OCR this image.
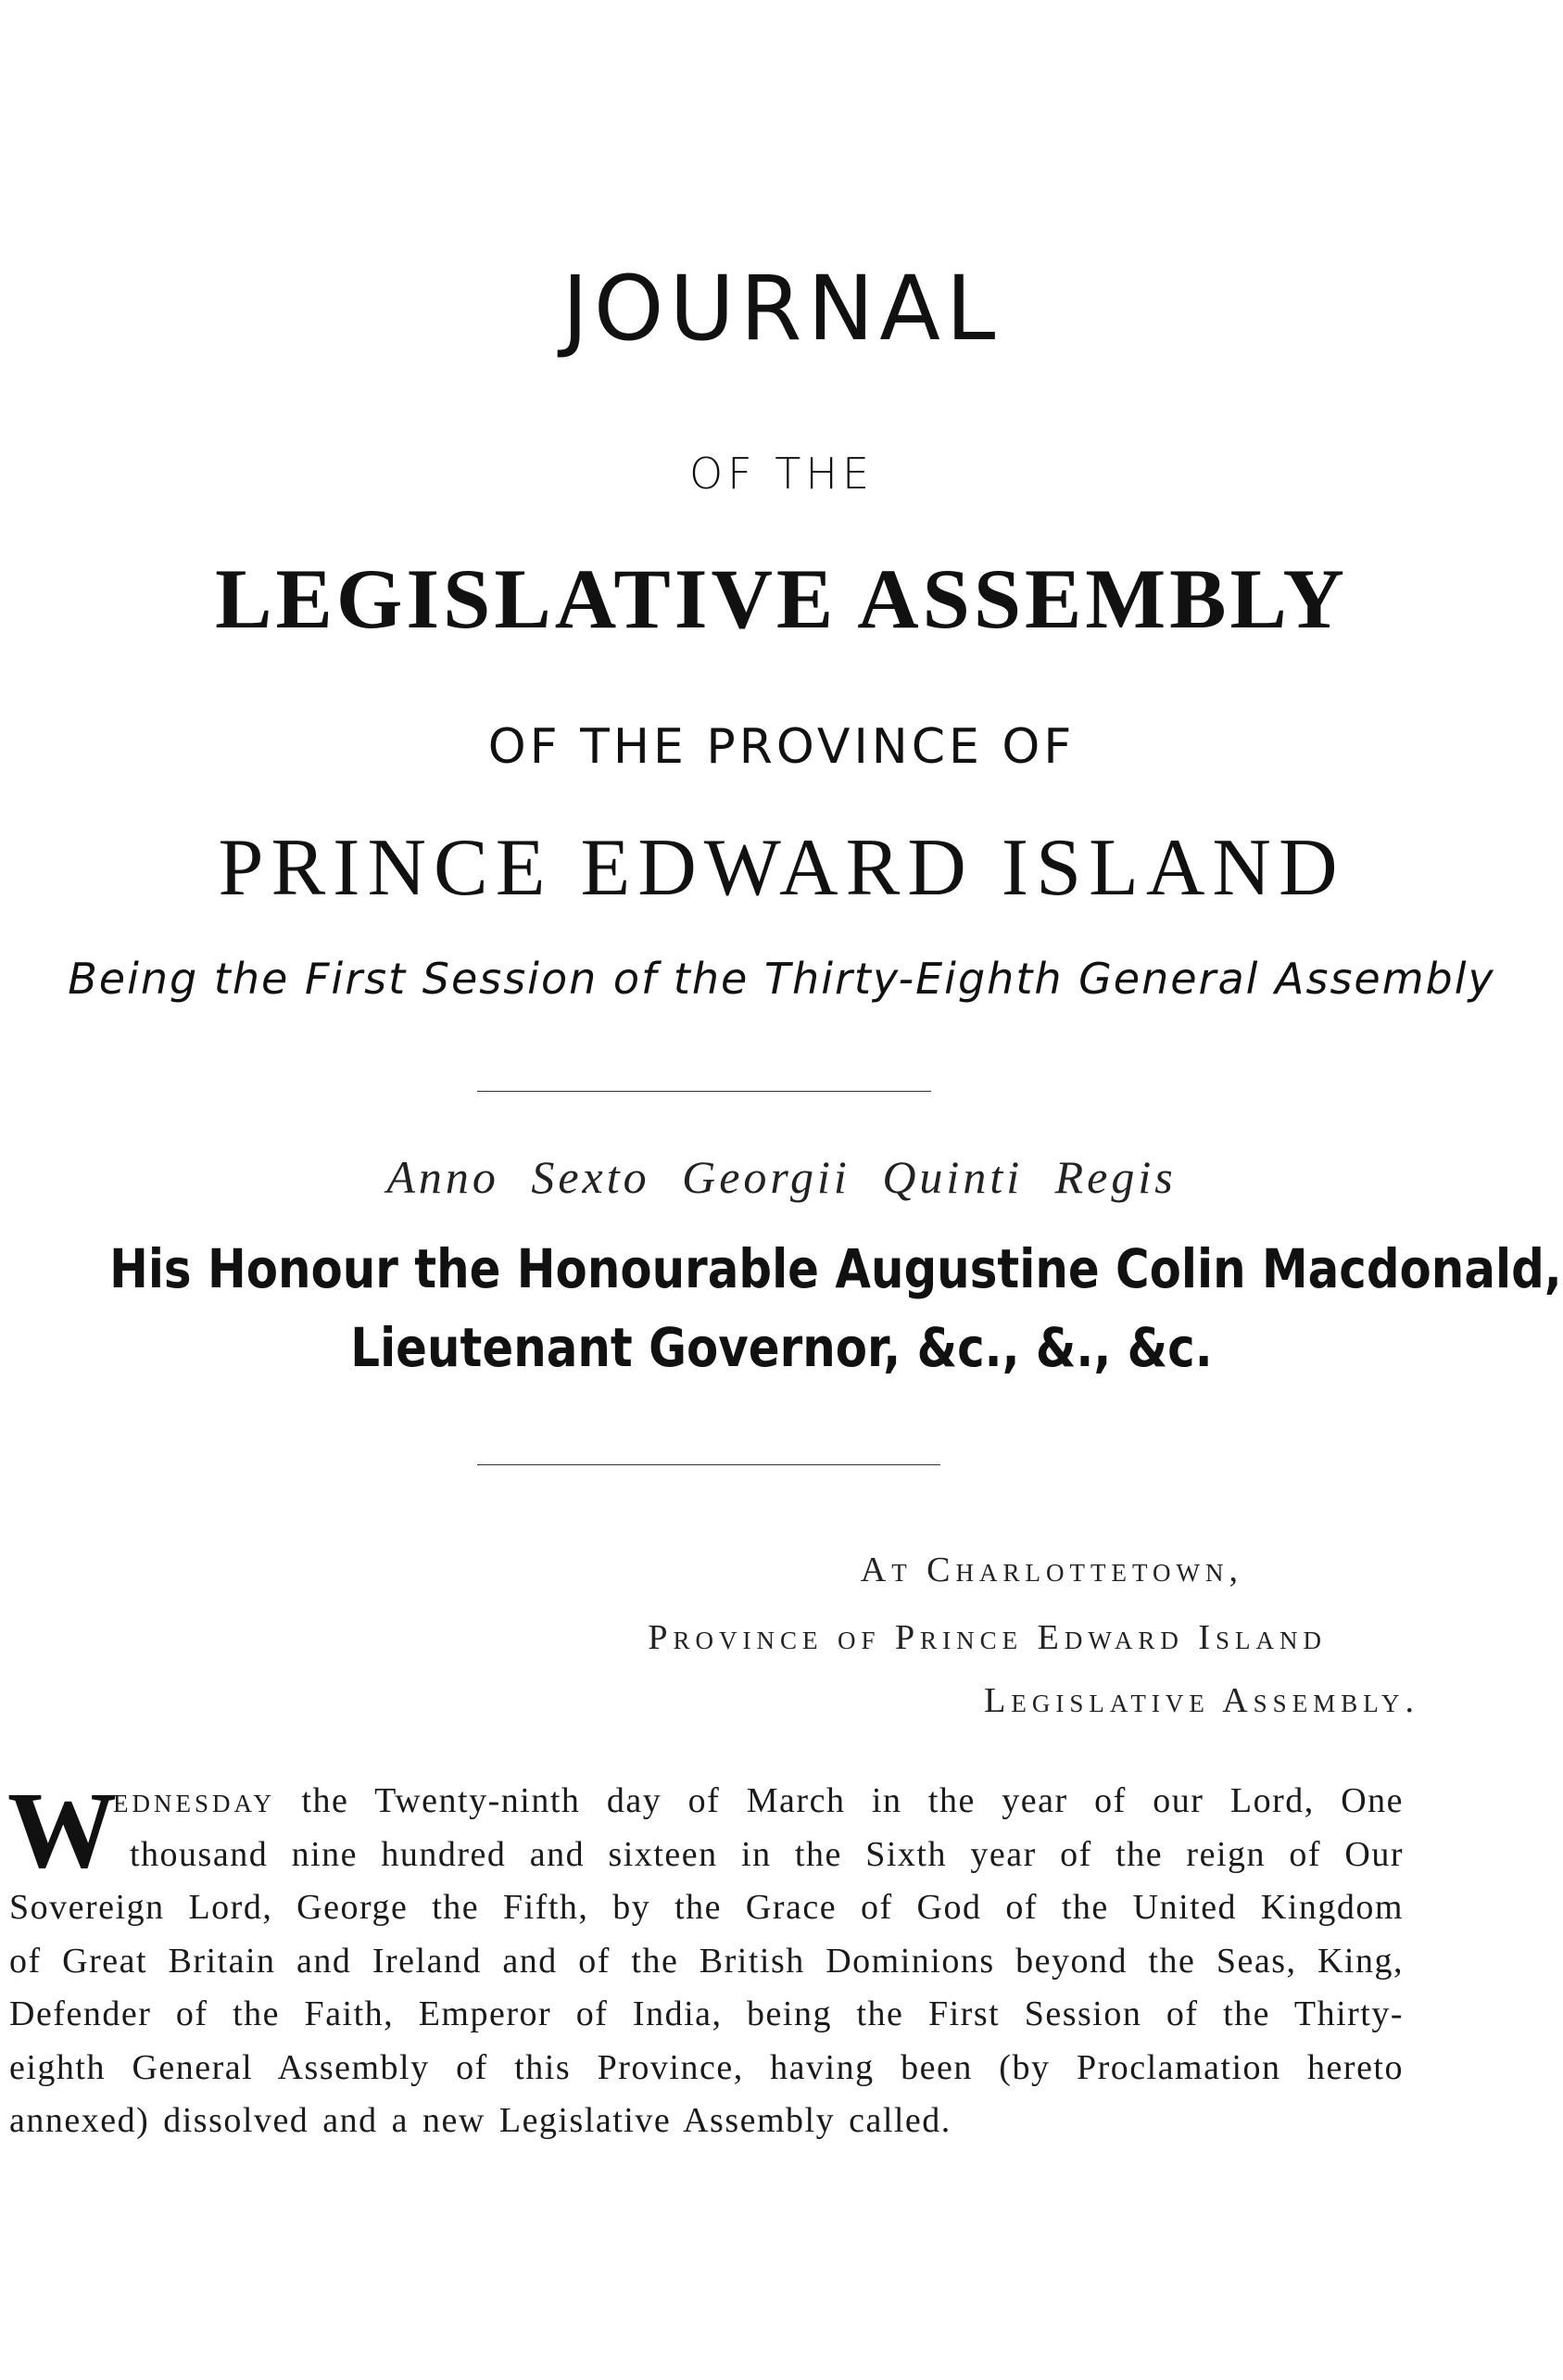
JOURNAL
OF THE
LEGISLATIVE ASSEMBLY
OF THE PROVINCE OF
PRINCE EDWARD ISLAND
Being the First Session of the Thirty-Eighth General Assembly
Anno Sexto Georgii Quinti Regis
His Honour the Honourable Augustine Colin Macdonald,
Lieutenant Governor, &c., &., &c.
At Charlottetown,
Province of Prince Edward Island
Legislative Assembly.
W
ednesday the Twenty-ninth day of March in the year of our Lord, One
thousand nine hundred and sixteen in the Sixth year of the reign of Our
Sovereign Lord, George the Fifth, by the Grace of God of the United Kingdom
of Great Britain and Ireland and of the British Dominions beyond the Seas, King,
Defender of the Faith, Emperor of India, being the First Session of the Thirty-
eighth General Assembly of this Province, having been (by Proclamation hereto
annexed) dissolved and a new Legislative Assembly called.
